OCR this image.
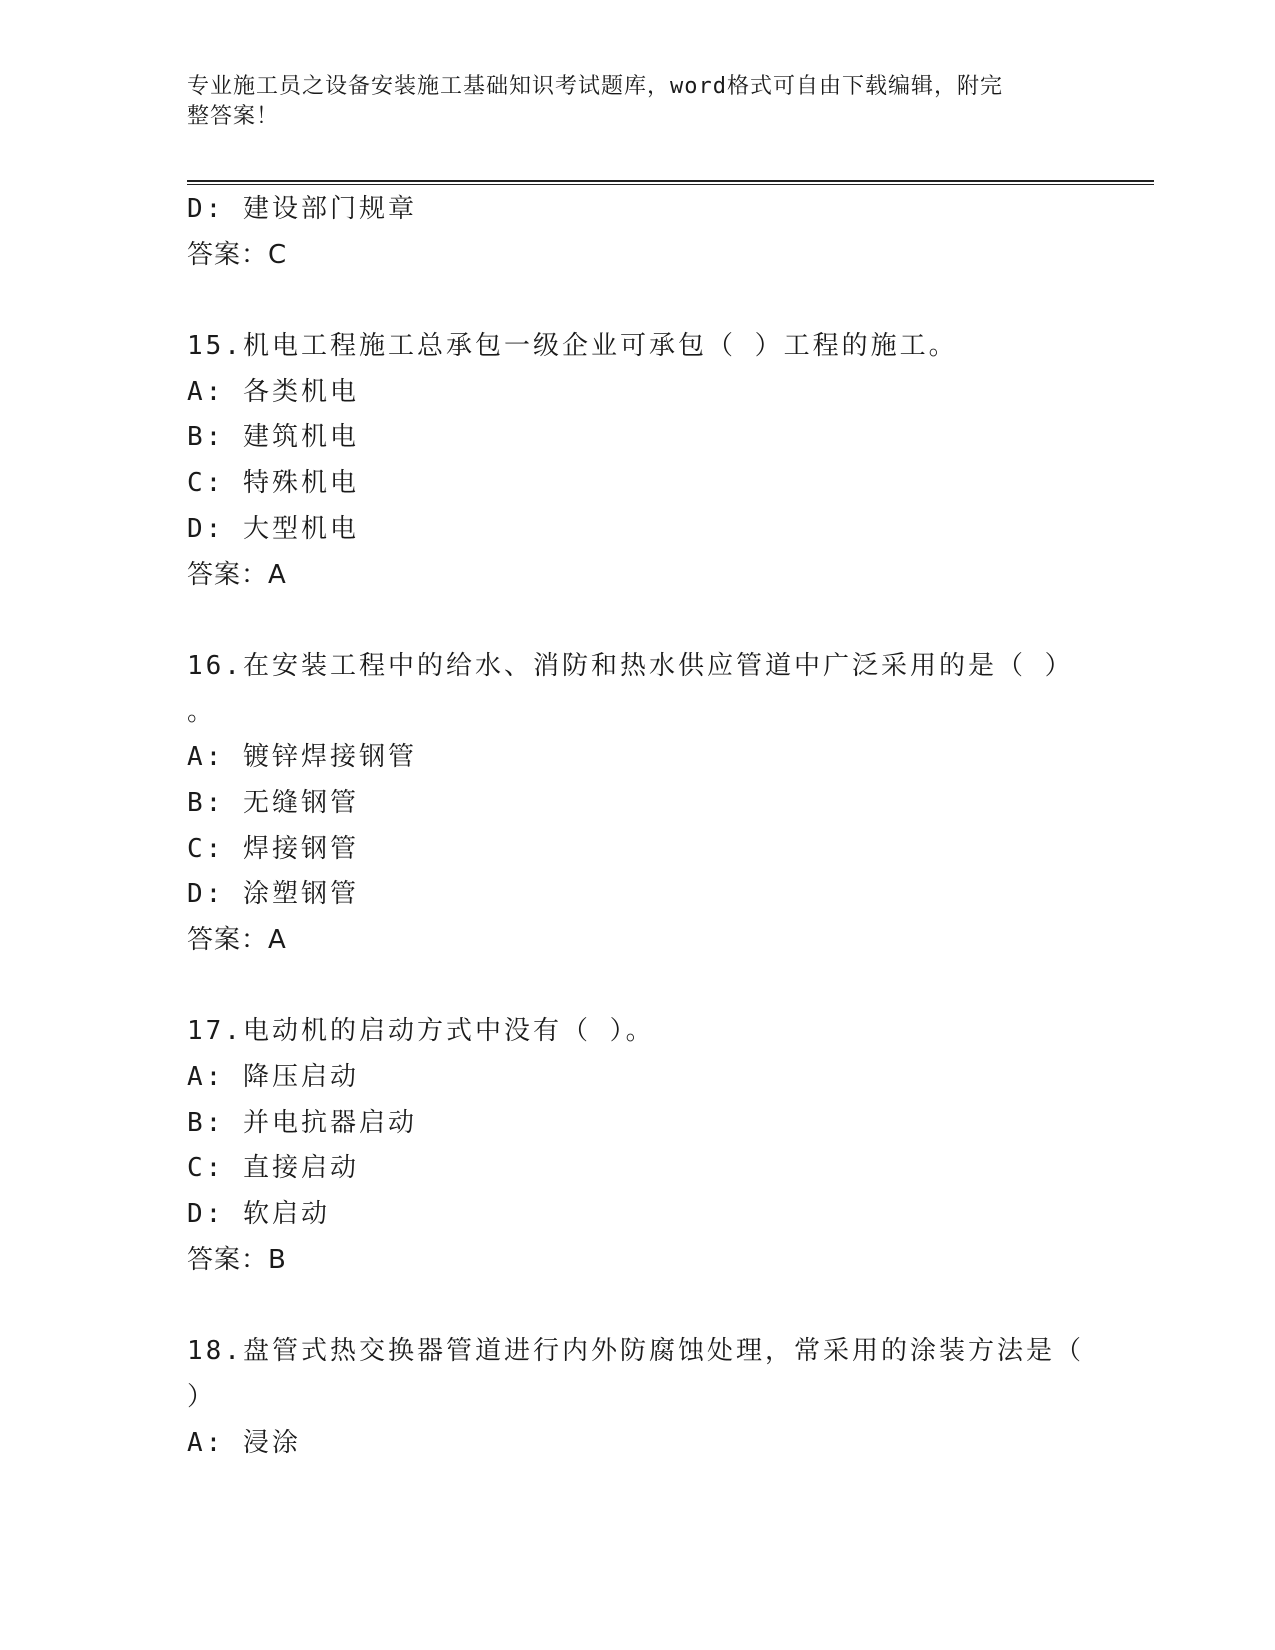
专业施工员之设备安装施工基础知识考试题库，word格式可自由下载编辑，附完
整答案！
D: 建设部门规章
答案：C
15.机电工程施工总承包一级企业可承包（ ）工程的施工。
A: 各类机电
B: 建筑机电
C: 特殊机电
D: 大型机电
答案：A
16.在安装工程中的给水、消防和热水供应管道中广泛采用的是（ ）
。
A: 镀锌焊接钢管
B: 无缝钢管
C: 焊接钢管
D: 涂塑钢管
答案：A
17.电动机的启动方式中没有（ ）。
A: 降压启动
B: 并电抗器启动
C: 直接启动
D: 软启动
答案：B
18.盘管式热交换器管道进行内外防腐蚀处理，常采用的涂装方法是（
）
A: 浸涂
